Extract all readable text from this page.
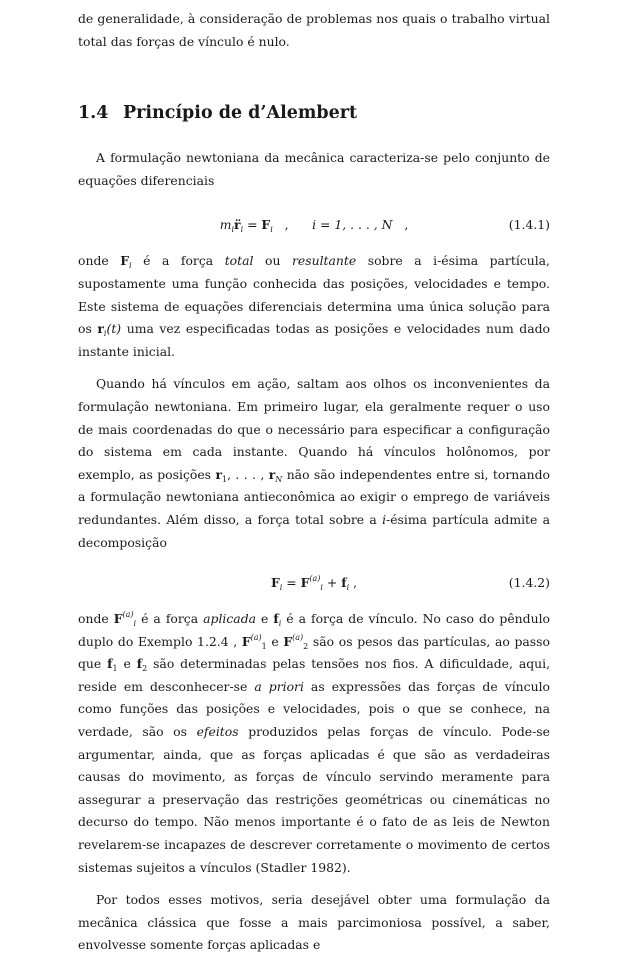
de generalidade, à consideração de problemas nos quais o trabalho virtual total das forças de vínculo é nulo.

1.4 Princípio de d’Alembert

A formulação newtoniana da mecânica caracteriza-se pelo conjunto de equações diferenciais

$m_ir̈_i = F_i$   ,      i = 1, . . . , N   ,	(1.4.1)

onde $F_i$ é a força total ou resultante sobre a i-ésima partícula, supostamente uma função conhecida das posições, velocidades e tempo. Este sistema de equações diferenciais determina uma única solução para os $r_i(t)$ uma vez especificadas todas as posições e velocidades num dado instante inicial.

Quando há vínculos em ação, saltam aos olhos os inconvenientes da formulação newtoniana. Em primeiro lugar, ela geralmente requer o uso de mais coordenadas do que o necessário para especificar a configuração do sistema em cada instante. Quando há vínculos holônomos, por exemplo, as posições $r_1$, . . . , $r_N$ não são independentes entre si, tornando a formulação newtoniana antieconômica ao exigir o emprego de variáveis redundantes. Além disso, a força total sobre a i-ésima partícula admite a decomposição

$F_i = F^{(a)}_i + f_i$ ,	(1.4.2)

onde $F^{(a)}_i$ é a força aplicada e $f_i$ é a força de vínculo. No caso do pêndulo duplo do Exemplo 1.2.4 , $F^{(a)}_1$ e $F^{(a)}_2$ são os pesos das partículas, ao passo que $f_1$ e $f_2$ são determinadas pelas tensões nos fios. A dificuldade, aqui, reside em desconhecer-se a priori as expressões das forças de vínculo como funções das posições e velocidades, pois o que se conhece, na verdade, são os efeitos produzidos pelas forças de vínculo. Pode-se argumentar, ainda, que as forças aplicadas é que são as verdadeiras causas do movimento, as forças de vínculo servindo meramente para assegurar a preservação das restrições geométricas ou cinemáticas no decurso do tempo. Não menos importante é o fato de as leis de Newton revelarem-se incapazes de descrever corretamente o movimento de certos sistemas sujeitos a vínculos (Stadler 1982).

Por todos esses motivos, seria desejável obter uma formulação da mecânica clássica que fosse a mais parcimoniosa possível, a saber, envolvesse somente forças aplicadas e
